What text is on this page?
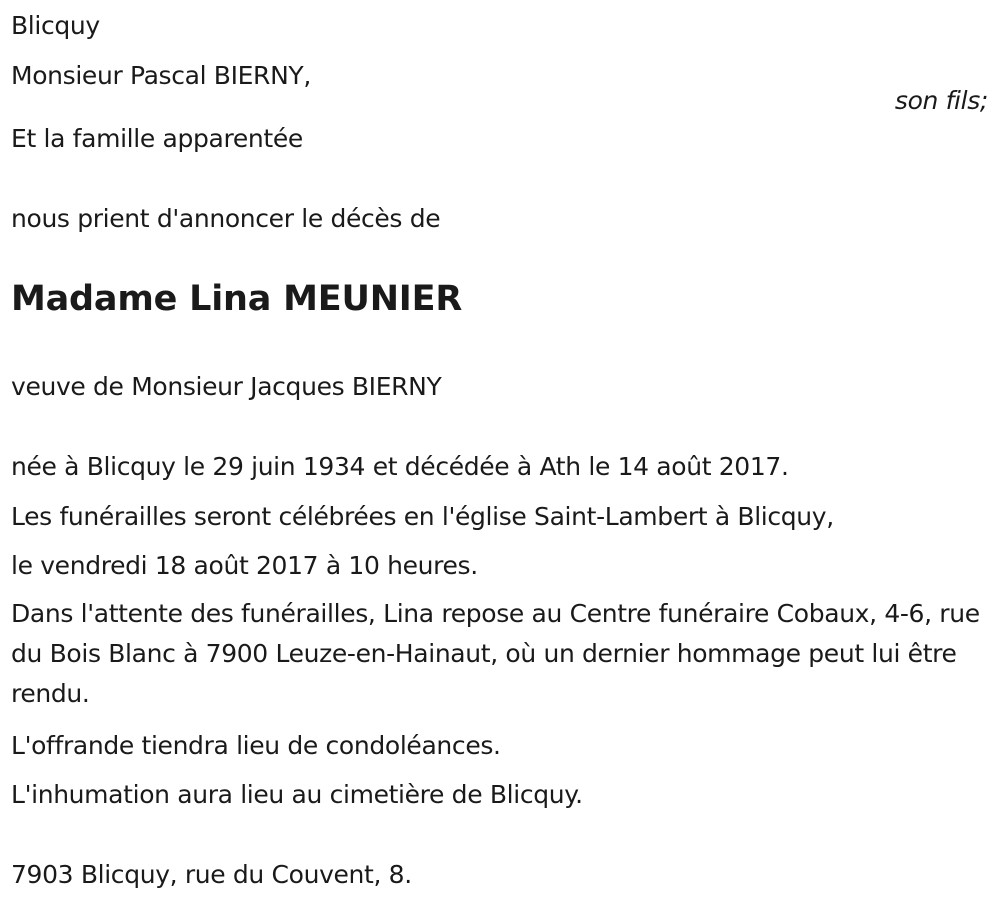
Blicquy
Monsieur Pascal BIERNY,
son fils;
Et la famille apparentée
nous prient d'annoncer le décès de
Madame Lina MEUNIER
veuve de Monsieur Jacques BIERNY
née à Blicquy le 29 juin 1934 et décédée à Ath le 14 août 2017.
Les funérailles seront célébrées en l'église Saint-Lambert à Blicquy,
le vendredi 18 août 2017 à 10 heures.
Dans l'attente des funérailles, Lina repose au Centre funéraire Cobaux, 4-6, rue du Bois Blanc à 7900 Leuze-en-Hainaut, où un dernier hommage peut lui être rendu.
L'offrande tiendra lieu de condoléances.
L'inhumation aura lieu au cimetière de Blicquy.
7903 Blicquy, rue du Couvent, 8.
